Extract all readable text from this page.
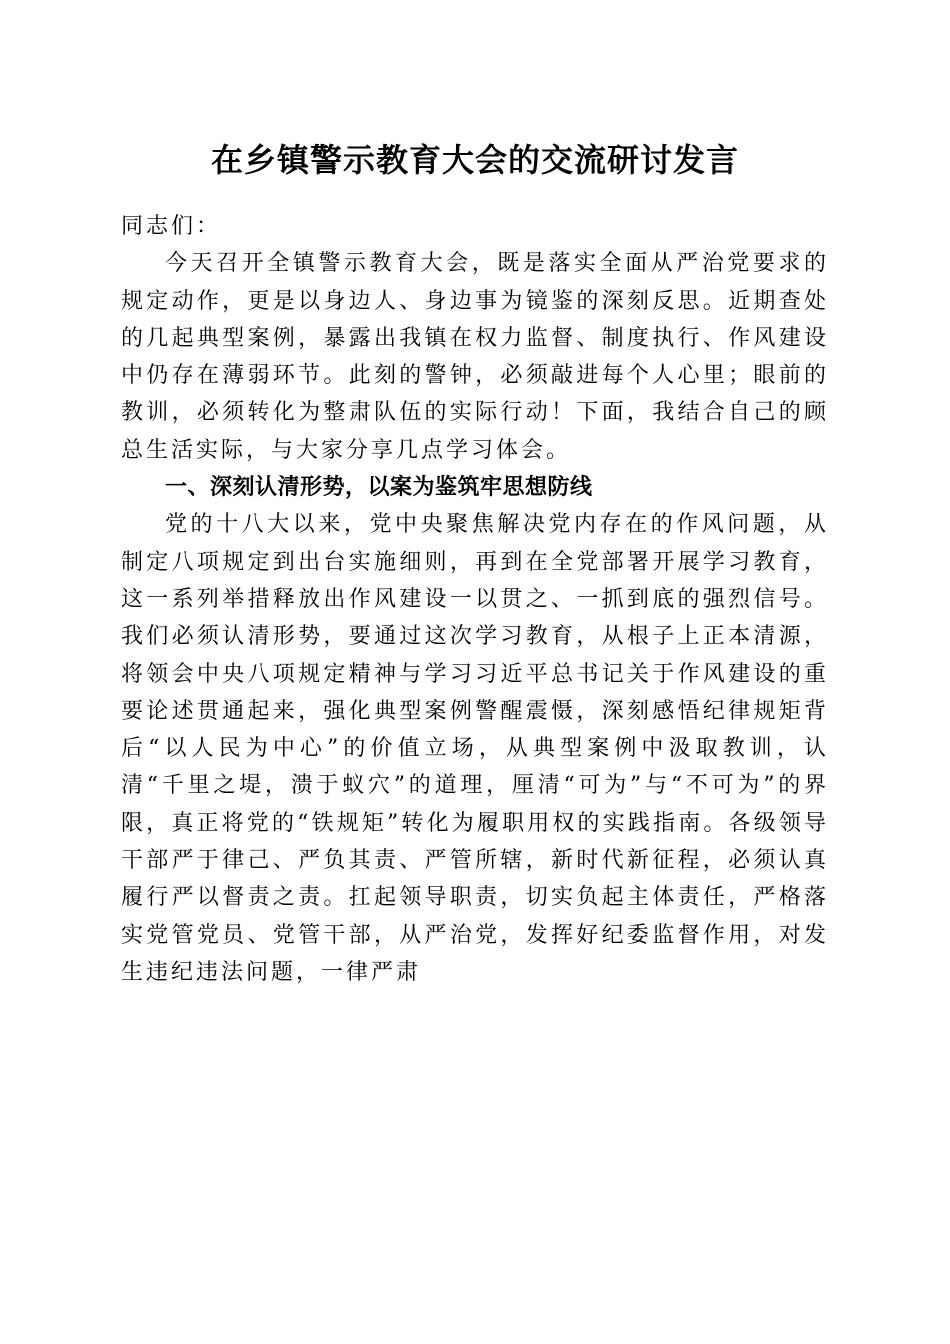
在乡镇警示教育大会的交流研讨发言

同志们：

今天召开全镇警示教育大会，既是落实全面从严治党要求的规定动作，更是以身边人、身边事为镜鉴的深刻反思。近期查处的几起典型案例，暴露出我镇在权力监督、制度执行、作风建设中仍存在薄弱环节。此刻的警钟，必须敲进每个人心里；眼前的教训，必须转化为整肃队伍的实际行动！下面，我结合自己的顾总生活实际，与大家分享几点学习体会。

一、深刻认清形势，以案为鉴筑牢思想防线

党的十八大以来，党中央聚焦解决党内存在的作风问题，从制定八项规定到出台实施细则，再到在全党部署开展学习教育，这一系列举措释放出作风建设一以贯之、一抓到底的强烈信号。我们必须认清形势，要通过这次学习教育，从根子上正本清源，将领会中央八项规定精神与学习习近平总书记关于作风建设的重要论述贯通起来，强化典型案例警醒震慑，深刻感悟纪律规矩背后“以人民为中心”的价值立场，从典型案例中汲取教训，认清“千里之堤，溃于蚁穴”的道理，厘清“可为”与“不可为”的界限，真正将党的“铁规矩”转化为履职用权的实践指南。各级领导干部严于律己、严负其责、严管所辖，新时代新征程，必须认真履行严以督责之责。扛起领导职责，切实负起主体责任，严格落实党管党员、党管干部，从严治党，发挥好纪委监督作用，对发生违纪违法问题，一律严肃
